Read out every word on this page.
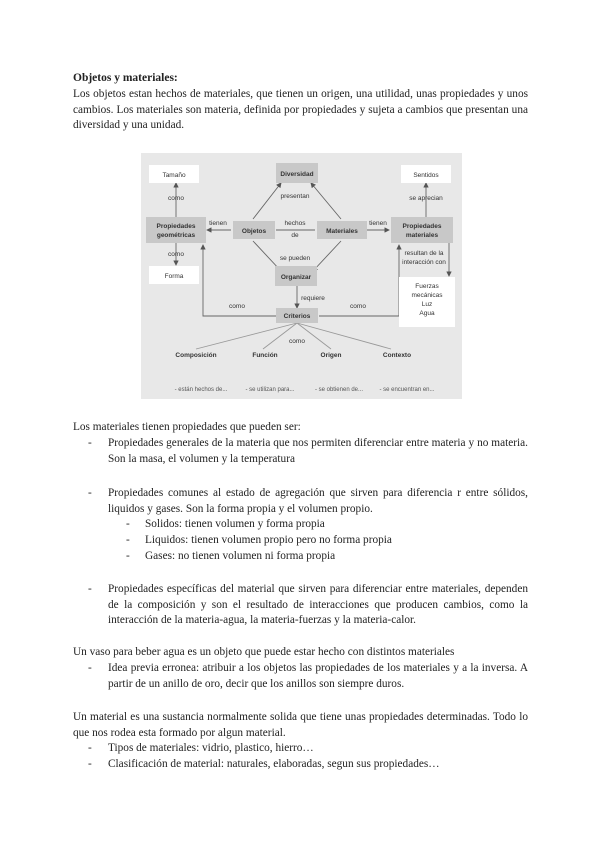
Objetos y materiales:
Los objetos estan hechos de materiales, que tienen un origen, una utilidad, unas propiedades y unos cambios. Los materiales son materia, definida por propiedades y sujeta a cambios que presentan una diversidad y una unidad.
Tamaño	Diversidad	Sentidos
como	presentan	se aprecian
Propiedades
geométricas
tienen
Objetos
hechos
de
Materiales
tienen Propiedades
materiales
como
se pueden
resultan de la
interacción con
Forma	Organizar
Fuerzas
mecánicas
Luz
Agua
requiere
como	como
Criterios
como
Composición	Función	Origen	Contexto
- están hechos de...	- se utilizan para...	- se obtienen de...	- se encuentran en...
Los materiales tienen propiedades que pueden ser:
- Propiedades generales de la materia que nos permiten diferenciar entre materia y no materia. Son la masa, el volumen y la temperatura
- Propiedades comunes al estado de agregación que sirven para diferencia r entre sólidos, liquidos y gases. Son la forma propia y el volumen propio.
- Solidos: tienen volumen y forma propia
- Liquidos: tienen volumen propio pero no forma propia
- Gases: no tienen volumen ni forma propia
- Propiedades específicas del material que sirven para diferenciar entre materiales, dependen de la composición y son el resultado de interacciones que producen cambios, como la interacción de la materia-agua, la materia-fuerzas y la materia-calor.
Un vaso para beber agua es un objeto que puede estar hecho con distintos materiales
- Idea previa erronea: atribuir a los objetos las propiedades de los materiales y a la inversa. A partir de un anillo de oro, decir que los anillos son siempre duros.
Un material es una sustancia normalmente solida que tiene unas propiedades determinadas. Todo lo que nos rodea esta formado por algun material.
- Tipos de materiales: vidrio, plastico, hierro…
- Clasificación de material: naturales, elaboradas, segun sus propiedades…
